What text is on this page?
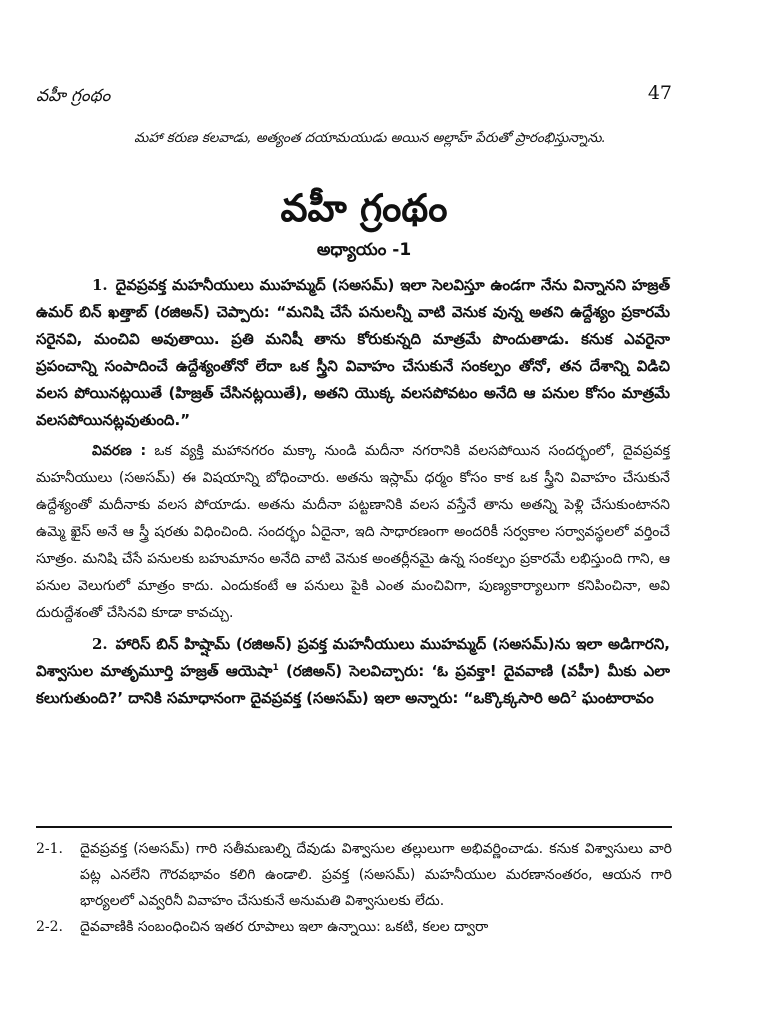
వహీ గ్రంథం	47
మహా కరుణ కలవాడు, అత్యంత దయామయుడు అయిన అల్లాహ్ పేరుతో ప్రారంభిస్తున్నాను.
వహీ గ్రంథం
అధ్యాయం -1

1. దైవప్రవక్త మహనీయులు ముహమ్మద్ (సఅసమ్) ఇలా సెలవిస్తూ ఉండగా నేను విన్నానని హజ్రత్ ఉమర్ బిన్ ఖత్తాబ్ (రజిఅన్) చెప్పారు: “మనిషి చేసే పనులన్నీ వాటి వెనుక వున్న అతని ఉద్దేశ్యం ప్రకారమే సరైనవి, మంచివి అవుతాయి. ప్రతి మనిషీ తాను కోరుకున్నది మాత్రమే పొందుతాడు. కనుక ఎవరైనా ప్రపంచాన్ని సంపాదించే ఉద్దేశ్యంతోనో లేదా ఒక స్త్రీని వివాహం చేసుకునే సంకల్పం తోనో, తన దేశాన్ని విడిచి వలస పోయినట్లయితే (హిజ్రత్ చేసినట్లయితే), అతని యొక్క వలసపోవటం అనేది ఆ పనుల కోసం మాత్రమే వలసపోయినట్లవుతుంది.”

వివరణ : ఒక వ్యక్తి మహానగరం మక్కా నుండి మదీనా నగరానికి వలసపోయిన సందర్భంలో, దైవప్రవక్త మహనీయులు (సఅసమ్) ఈ విషయాన్ని బోధించారు. అతను ఇస్లామ్ ధర్మం కోసం కాక ఒక స్త్రీని వివాహం చేసుకునే ఉద్దేశ్యంతో మదీనాకు వలస పోయాడు. అతను మదీనా పట్టణానికి వలస వస్తేనే తాను అతన్ని పెళ్లి చేసుకుంటానని ఉమ్మె ఖైస్ అనే ఆ స్త్రీ షరతు విధించింది. సందర్భం ఏదైనా, ఇది సాధారణంగా అందరికీ సర్వకాల సర్వావస్థలలో వర్తించే సూత్రం. మనిషి చేసే పనులకు బహుమానం అనేది వాటి వెనుక అంతర్లీనమై ఉన్న సంకల్పం ప్రకారమే లభిస్తుంది గాని, ఆ పనుల వెలుగులో మాత్రం కాదు. ఎందుకంటే ఆ పనులు పైకి ఎంత మంచివిగా, పుణ్యకార్యాలుగా కనిపించినా, అవి దురుద్దేశంతో చేసినవి కూడా కావచ్చు.

2. హారిస్ బిన్ హిష్షామ్ (రజిఅన్) ప్రవక్త మహనీయులు ముహమ్మద్ (సఅసమ్)ను ఇలా అడిగారని, విశ్వాసుల మాతృమూర్తి హజ్రత్ ఆయెషా$^1$ (రజిఅన్) సెలవిచ్చారు: ‘ఓ ప్రవక్తా! దైవవాణి (వహీ) మీకు ఎలా కలుగుతుంది?’ దానికి సమాధానంగా దైవప్రవక్త (సఅసమ్) ఇలా అన్నారు: “ఒక్కొక్కసారి అది$^2$ ఘంటారావం

2-1.	దైవప్రవక్త (సఅసమ్) గారి సతీమణుల్ని దేవుడు విశ్వాసుల తల్లులుగా అభివర్ణించాడు. కనుక విశ్వాసులు వారి పట్ల ఎనలేని గౌరవభావం కలిగి ఉండాలి. ప్రవక్త (సఅసమ్) మహనీయుల మరణానంతరం, ఆయన గారి భార్యలలో ఎవ్వరినీ వివాహం చేసుకునే అనుమతి విశ్వాసులకు లేదు.
2-2.	దైవవాణికి సంబంధించిన ఇతర రూపాలు ఇలా ఉన్నాయి: ఒకటి, కలల ద్వారా
